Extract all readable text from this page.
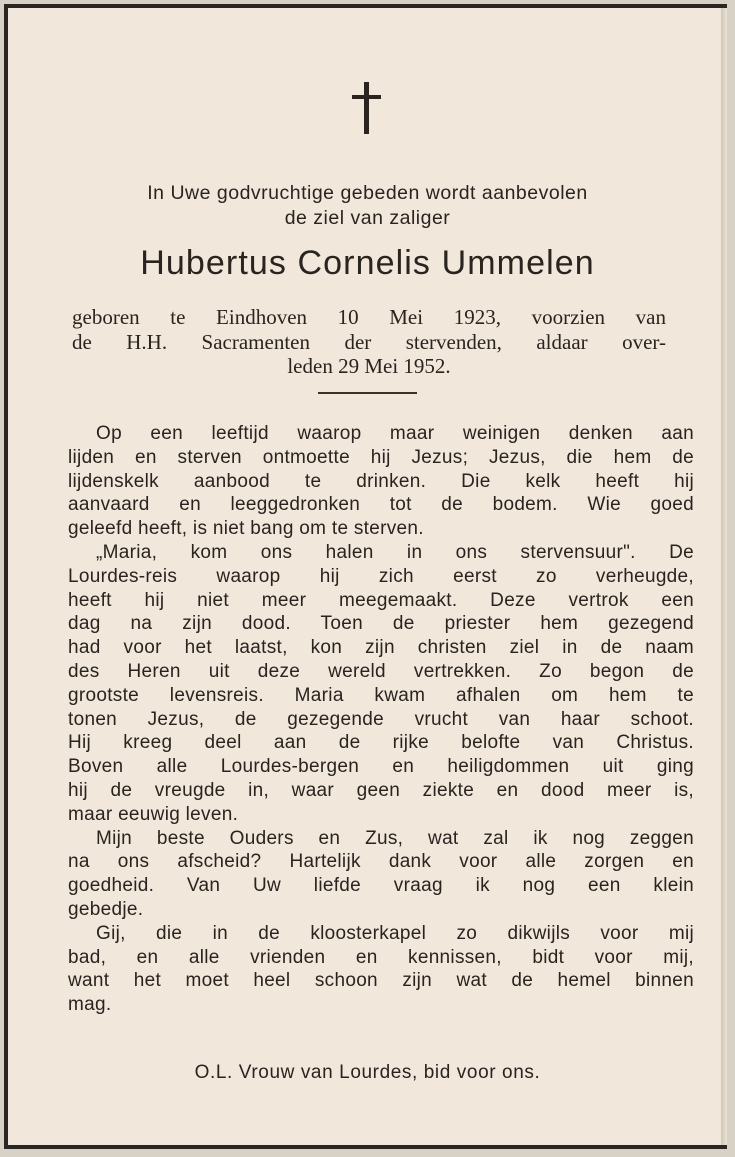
In Uwe godvruchtige gebeden wordt aanbevolen
de ziel van zaliger
Hubertus Cornelis Ummelen
geboren te Eindhoven 10 Mei 1923, voorzien van
de H.H. Sacramenten der stervenden, aldaar over-
leden 29 Mei 1952.
Op een leeftijd waarop maar weinigen denken aan
lijden en sterven ontmoette hij Jezus; Jezus, die hem de
lijdenskelk aanbood te drinken. Die kelk heeft hij
aanvaard en leeggedronken tot de bodem. Wie goed
geleefd heeft, is niet bang om te sterven.
„Maria, kom ons halen in ons stervensuur". De
Lourdes-reis waarop hij zich eerst zo verheugde,
heeft hij niet meer meegemaakt. Deze vertrok een
dag na zijn dood. Toen de priester hem gezegend
had voor het laatst, kon zijn christen ziel in de naam
des Heren uit deze wereld vertrekken. Zo begon de
grootste levensreis. Maria kwam afhalen om hem te
tonen Jezus, de gezegende vrucht van haar schoot.
Hij kreeg deel aan de rijke belofte van Christus.
Boven alle Lourdes-bergen en heiligdommen uit ging
hij de vreugde in, waar geen ziekte en dood meer is,
maar eeuwig leven.
Mijn beste Ouders en Zus, wat zal ik nog zeggen
na ons afscheid? Hartelijk dank voor alle zorgen en
goedheid. Van Uw liefde vraag ik nog een klein
gebedje.
Gij, die in de kloosterkapel zo dikwijls voor mij
bad, en alle vrienden en kennissen, bidt voor mij,
want het moet heel schoon zijn wat de hemel binnen
mag.
O.L. Vrouw van Lourdes, bid voor ons.
